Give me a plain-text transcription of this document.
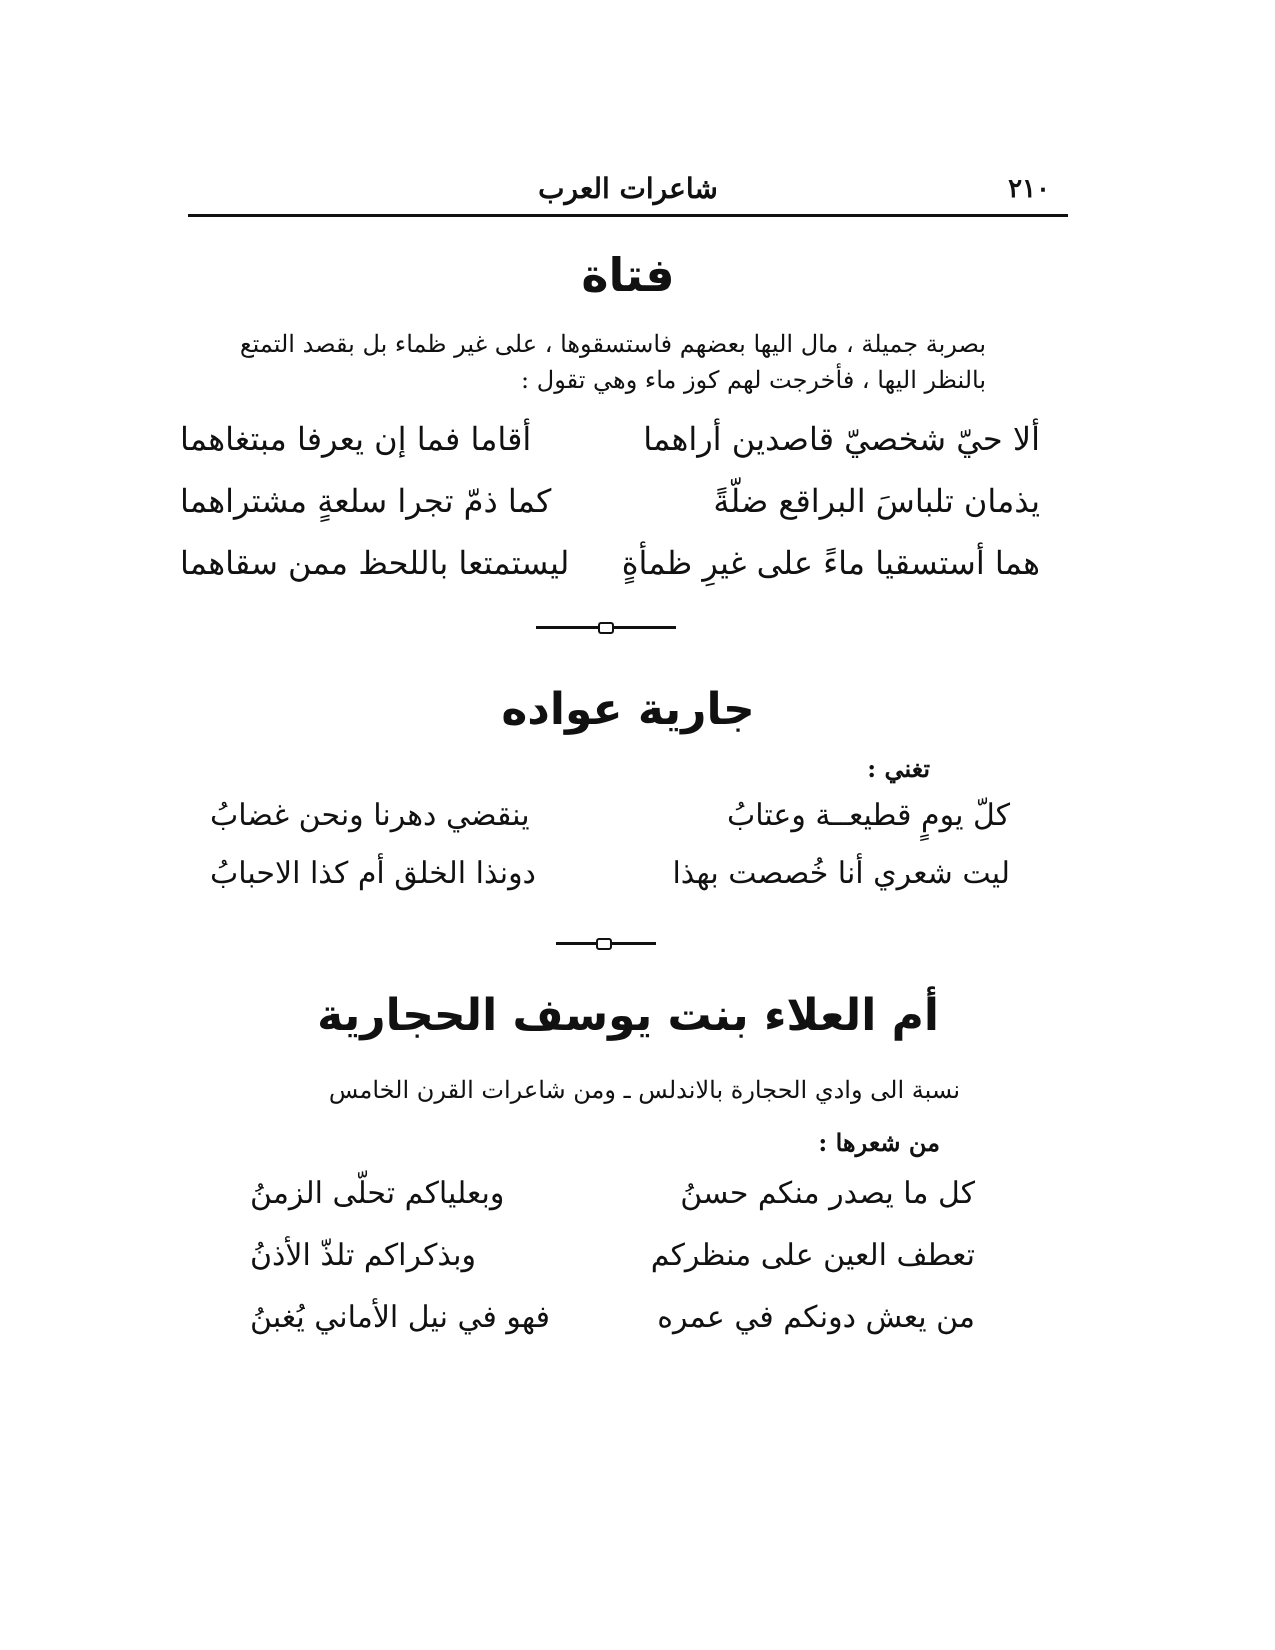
٢١٠
شاعرات العرب
فتاة
بصربة جميلة ، مال اليها بعضهم فاستسقوها ، على غير ظماء بل بقصد التمتع
بالنظر اليها ، فأخرجت لهم كوز ماء وهي تقول :
ألا حيّ شخصيّ قاصدين أراهما
أقاما فما إن يعرفا مبتغاهما
يذمان تلباسَ البراقع ضلّةً
كما ذمّ تجرا سلعةٍ مشتراهما
هما أستسقيا ماءً على غيرِ ظمأةٍ
ليستمتعا باللحظ ممن سقاهما
جارية عواده
تغني :
كلّ يومٍ قطيعــة وعتابُ
ينقضي دهرنا ونحن غضابُ
ليت شعري أنا خُصصت بهذا
دونذا الخلق أم كذا الاحبابُ
أم العلاء بنت يوسف الحجارية
نسبة الى وادي الحجارة بالاندلس ـ ومن شاعرات القرن الخامس
من شعرها :
كل ما يصدر منكم حسنُ
وبعلياكم تحلّى الزمنُ
تعطف العين على منظركم
وبذكراكم تلذّ الأذنُ
من يعش دونكم في عمره
فهو في نيل الأماني يُغبنُ
